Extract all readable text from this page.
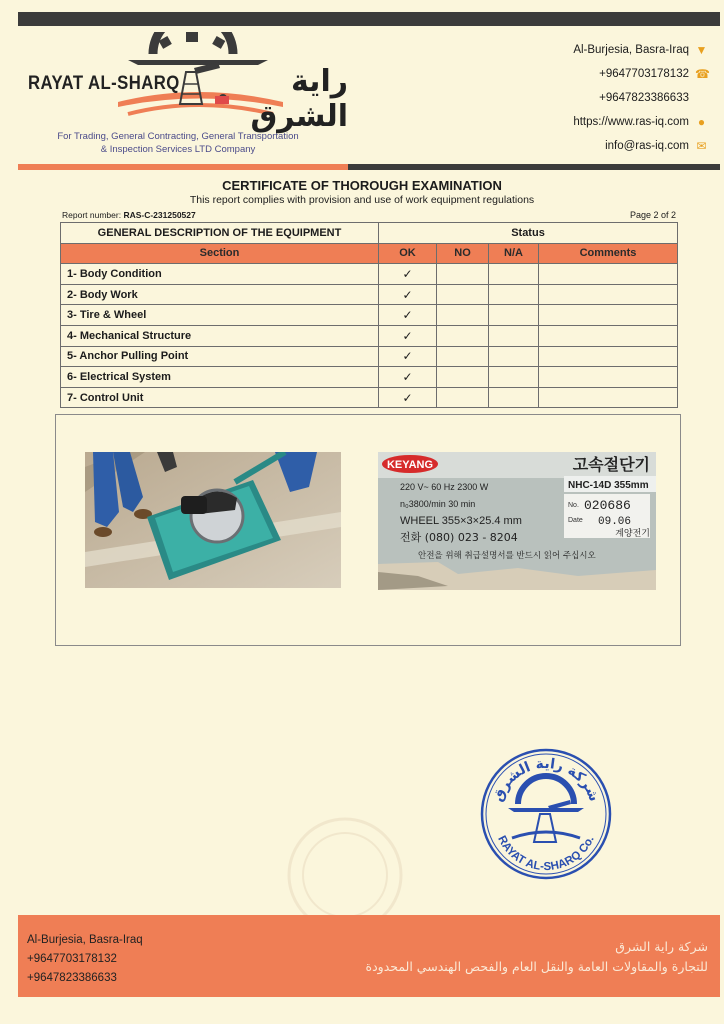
RAYAT AL-SHARQ	راية الشرق
For Trading, General Contracting, General Transportation
& Inspection Services LTD Company
Al-Burjesia, Basra-Iraq ▼
+9647703178132 ☎
+9647823386633
https://www.ras-iq.com ●
info@ras-iq.com ✉
CERTIFICATE OF THOROUGH EXAMINATION
This report complies with provision and use of work equipment regulations
Report number: RAS-C-231250527	Page 2 of 2
GENERAL DESCRIPTION OF THE EQUIPMENT	Status			
Section	OK	NO	N/A	Comments
1- Body Condition	✓			
2- Body Work	✓			
3- Tire & Wheel	✓			
4- Mechanical Structure	✓			
5- Anchor Pulling Point	✓			
6- Electrical System	✓			
7- Control Unit	✓			
KEYANG	고속절단기
NHC-14D 355mm
220 V~ 60 Hz 2300 W
n₀3800/min 30 min
WHEEL 355×3×25.4 mm
전화 (080) 023 - 8204
No. 020686
Date 09.06
계양전기
안전을 위해 취급설명서를 반드시 읽어 주십시오
شركة راية الشرق
RAYAT AL-SHARQ Co.
Al-Burjesia, Basra-Iraq
+9647703178132
+9647823386633
شركة راية الشرق
للتجارة والمقاولات العامة والنقل العام والفحص الهندسي المحدودة
